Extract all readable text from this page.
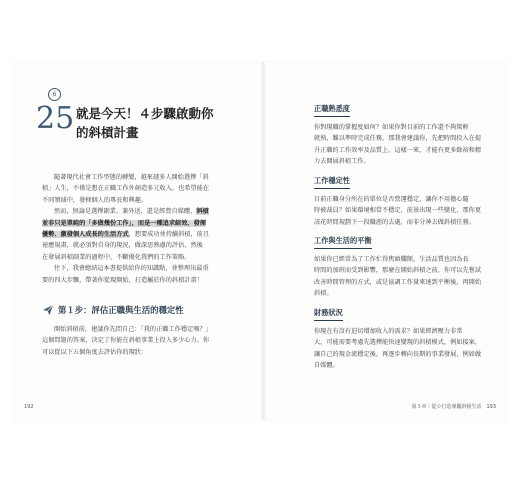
6
25 就是今天！４步驟啟動你
的斜槓計畫

隨著現代社會工作型態的轉變，越來越多人開始選擇「斜
槓」人生，不僅是想在正職工作外創造多元收入，也希望能在
不同領域中，發揮個人的專長和興趣。

然而，無論是選擇副業、兼外送，還是經營自媒體，斜槓
並非只是單純的「多做幾份工作」，而是一種追求綜效、發揮
優勢、激發個人成長的生活方式，想要成功並持續斜槓，前且
祕應規畫，就必須對自身的現況，做深思熟慮的評估，然後
在發展斜槓副業的過程中，不斷優化我們的工作策略。

往下，我會總結這本書提供給你的知識點，並整理出最重
要的四大步驟，帶著你從現開始，打造屬於你的斜槓計畫！

第１步：評估正職與生活的穩定性

開始斜槓前，建議你先問自己：「我的正職工作穩定嗎？」
這個問題的答案，決定了你能在斜槓事業上投入多少心力。你
可以從以下五個角度去評估你的現狀：

192
正職熟悉度
你對現職的掌握度如何？如果你對目前的工作還不夠駕輕
就熟，難以準時完成任務，那我會建議你，先把時間投入在提
升正職的工作效率及品質上。這樣一來，才能有更多餘裕和精
力去開展斜槓工作。
工作穩定性
目前正職身分所在的單位是否營運穩定，讓你不用擔心隨
時被裁員？如果環境相當不穩定，前景出現一些變化，那你更
該花時間規劃下一段職涯的去處，而非分神去做斜槓任務。
工作與生活的平衡
如果你已經常為了工作忙得焦頭爛額，生活品質也因為長
時間的加班而受到影響，那麼在開始斜槓之前，你可以先嘗試
改善時間管理的方式，或是協調工作量來達到平衡後，再開始
斜槓。
財務狀況
你現在有沒有迫切增加收入的需求？如果經濟壓力非常
大，可能需要考慮先選擇能快速變現的斜槓模式，例如接案，
讓自己的現金流穩定後，再逐步轉向長期的事業發展，例如做
自媒體。
第５章｜從０打造專屬斜槓生活　193
